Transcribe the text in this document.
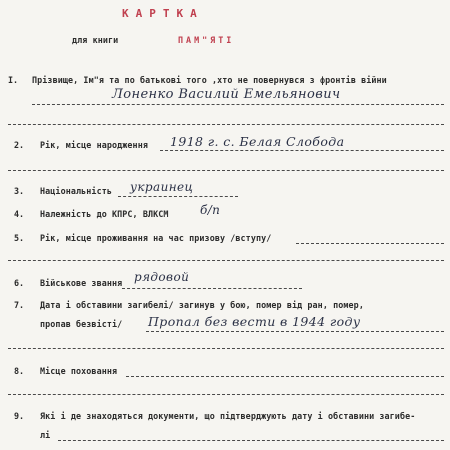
КАРТКА
для книги	ПАМ"ЯТІ
I. Прізвище, Ім"я та по батькові того ,хто не повернувся з фронтів війни
Лоненко Василий Емельянович
2. Рік, місце народження 1918 г. с. Белая Слобода
3. Національність украинец
4. Належність до КПРС, ВЛКСМ	б/п
5. Рік, місце проживання на час призову /вступу/
6. Військове звання рядовой
7. Дата і обставини загибелі/ загинув у бою, помер від ран, помер,
пропав безвісті/ Пропал без вести в 1944 году
8. Місце поховання
9. Які і де знаходяться документи, що підтверджують дату і обставини загибе-
лі
